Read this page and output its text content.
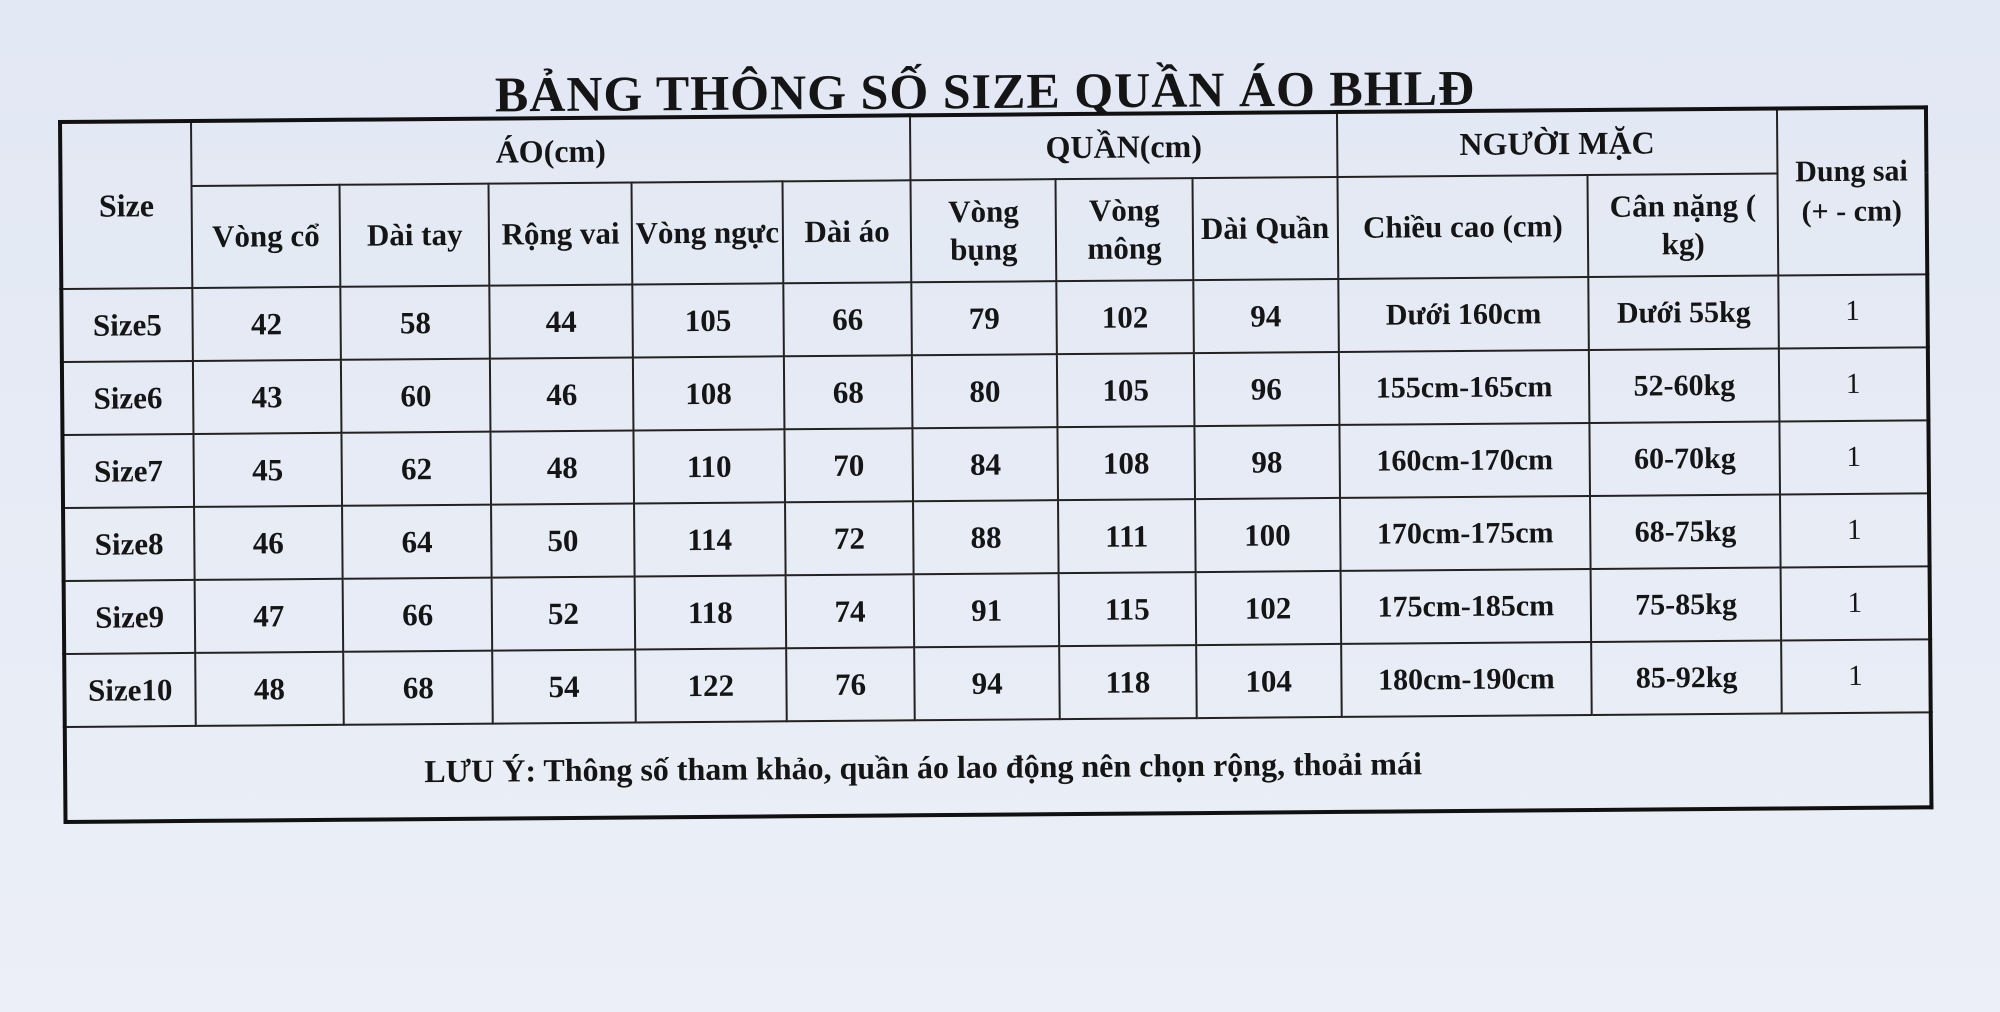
BẢNG THÔNG SỐ SIZE QUẦN ÁO BHLĐ
Size	ÁO(cm)					QUẦN(cm)			NGƯỜI MẶC		Dung sai (+ - cm)
	Vòng cổ	Dài tay	Rộng vai	Vòng ngực	Dài áo	Vòng bụng	Vòng mông	Dài Quần	Chiều cao (cm)	Cân nặng ( kg)	
Size5	42	58	44	105	66	79	102	94	Dưới 160cm	Dưới 55kg	1
Size6	43	60	46	108	68	80	105	96	155cm-165cm	52-60kg	1
Size7	45	62	48	110	70	84	108	98	160cm-170cm	60-70kg	1
Size8	46	64	50	114	72	88	111	100	170cm-175cm	68-75kg	1
Size9	47	66	52	118	74	91	115	102	175cm-185cm	75-85kg	1
Size10	48	68	54	122	76	94	118	104	180cm-190cm	85-92kg	1
LƯU Ý: Thông số tham khảo, quần áo lao động nên chọn rộng, thoải mái											
